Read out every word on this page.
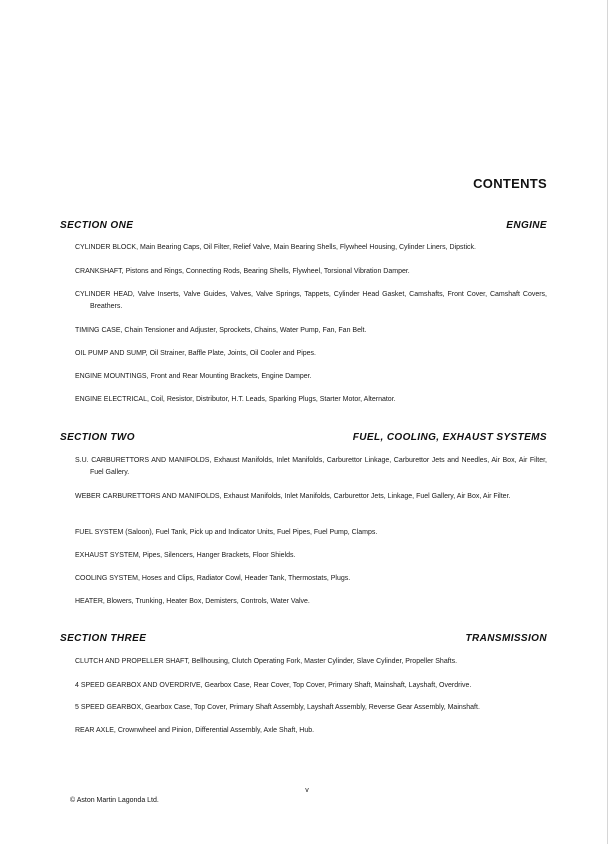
CONTENTS
SECTION ONE	ENGINE
CYLINDER BLOCK, Main Bearing Caps, Oil Filter, Relief Valve, Main Bearing Shells, Flywheel Housing, Cylinder Liners, Dipstick.
CRANKSHAFT, Pistons and Rings, Connecting Rods, Bearing Shells, Flywheel, Torsional Vibration Damper.
CYLINDER HEAD, Valve Inserts, Valve Guides, Valves, Valve Springs, Tappets, Cylinder Head Gasket, Camshafts, Front Cover, Camshaft Covers, Breathers.
TIMING CASE, Chain Tensioner and Adjuster, Sprockets, Chains, Water Pump, Fan, Fan Belt.
OIL PUMP AND SUMP, Oil Strainer, Baffle Plate, Joints, Oil Cooler and Pipes.
ENGINE MOUNTINGS, Front and Rear Mounting Brackets, Engine Damper.
ENGINE ELECTRICAL, Coil, Resistor, Distributor, H.T. Leads, Sparking Plugs, Starter Motor, Alternator.
SECTION TWO	FUEL, COOLING, EXHAUST SYSTEMS
S.U. CARBURETTORS AND MANIFOLDS, Exhaust Manifolds, Inlet Manifolds, Carburettor Linkage, Carburettor Jets and Needles, Air Box, Air Filter, Fuel Gallery.
WEBER CARBURETTORS AND MANIFOLDS, Exhaust Manifolds, Inlet Manifolds, Carburettor Jets, Linkage, Fuel Gallery, Air Box, Air Filter.
FUEL SYSTEM (Saloon), Fuel Tank, Pick up and Indicator Units, Fuel Pipes, Fuel Pump, Clamps.
EXHAUST SYSTEM, Pipes, Silencers, Hanger Brackets, Floor Shields.
COOLING SYSTEM, Hoses and Clips, Radiator Cowl, Header Tank, Thermostats, Plugs.
HEATER, Blowers, Trunking, Heater Box, Demisters, Controls, Water Valve.
SECTION THREE	TRANSMISSION
CLUTCH AND PROPELLER SHAFT, Bellhousing, Clutch Operating Fork, Master Cylinder, Slave Cylinder, Propeller Shafts.
4 SPEED GEARBOX AND OVERDRIVE, Gearbox Case, Rear Cover, Top Cover, Primary Shaft, Mainshaft, Layshaft, Overdrive.
5 SPEED GEARBOX, Gearbox Case, Top Cover, Primary Shaft Assembly, Layshaft Assembly, Reverse Gear Assembly, Mainshaft.
REAR AXLE, Crownwheel and Pinion, Differential Assembly, Axle Shaft, Hub.
v
© Aston Martin Lagonda Ltd.
